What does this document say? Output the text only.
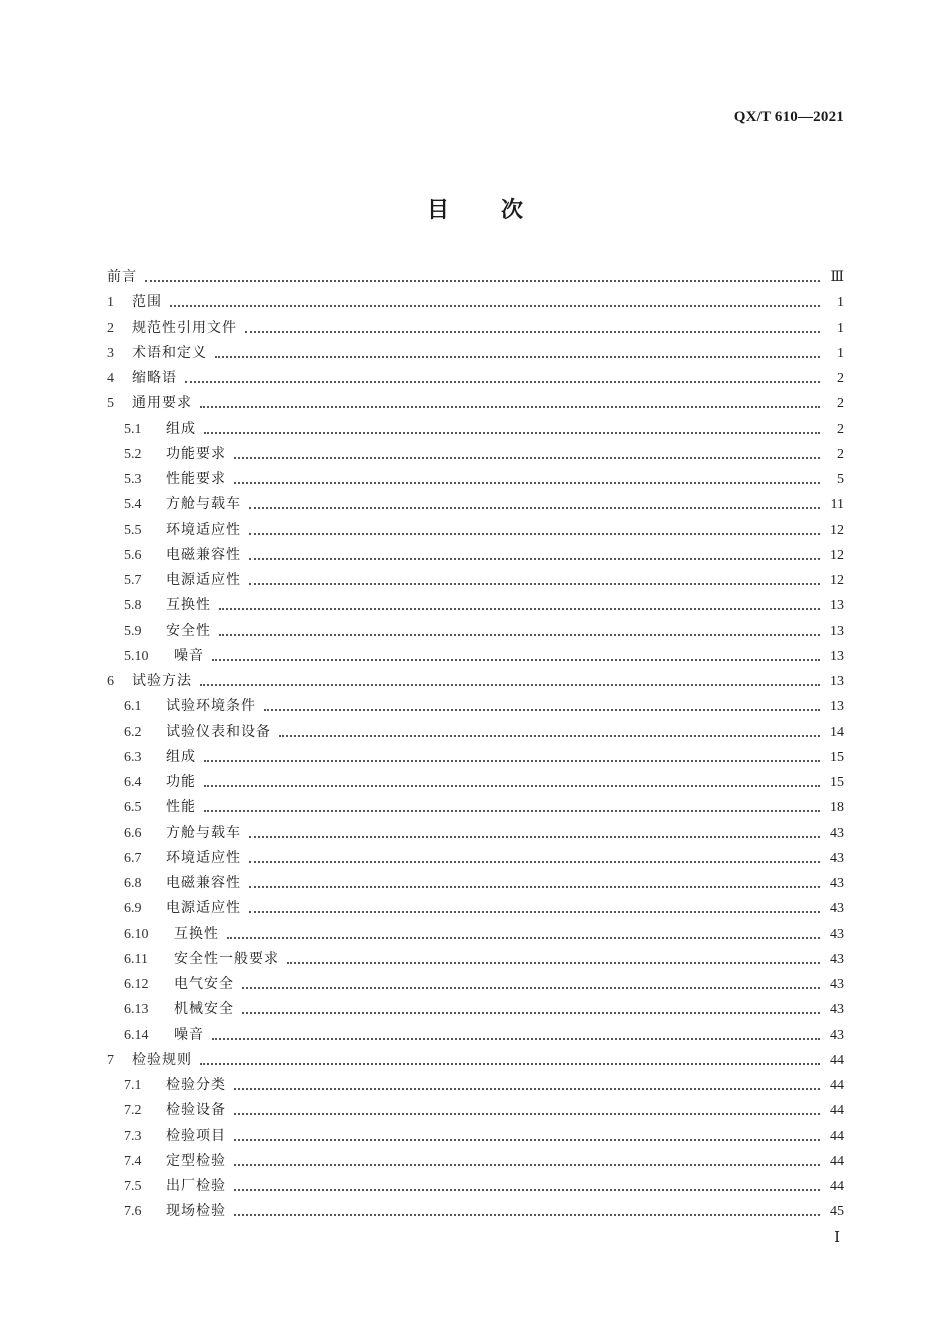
QX/T 610—2021
目次
前言	Ⅲ
1	范围	1
2	规范性引用文件	1
3	术语和定义	1
4	缩略语	2
5	通用要求	2
5.1	组成	2
5.2	功能要求	2
5.3	性能要求	5
5.4	方舱与载车	11
5.5	环境适应性	12
5.6	电磁兼容性	12
5.7	电源适应性	12
5.8	互换性	13
5.9	安全性	13
5.10	噪音	13
6	试验方法	13
6.1	试验环境条件	13
6.2	试验仪表和设备	14
6.3	组成	15
6.4	功能	15
6.5	性能	18
6.6	方舱与载车	43
6.7	环境适应性	43
6.8	电磁兼容性	43
6.9	电源适应性	43
6.10	互换性	43
6.11	安全性一般要求	43
6.12	电气安全	43
6.13	机械安全	43
6.14	噪音	43
7	检验规则	44
7.1	检验分类	44
7.2	检验设备	44
7.3	检验项目	44
7.4	定型检验	44
7.5	出厂检验	44
7.6	现场检验	45
Ⅰ
